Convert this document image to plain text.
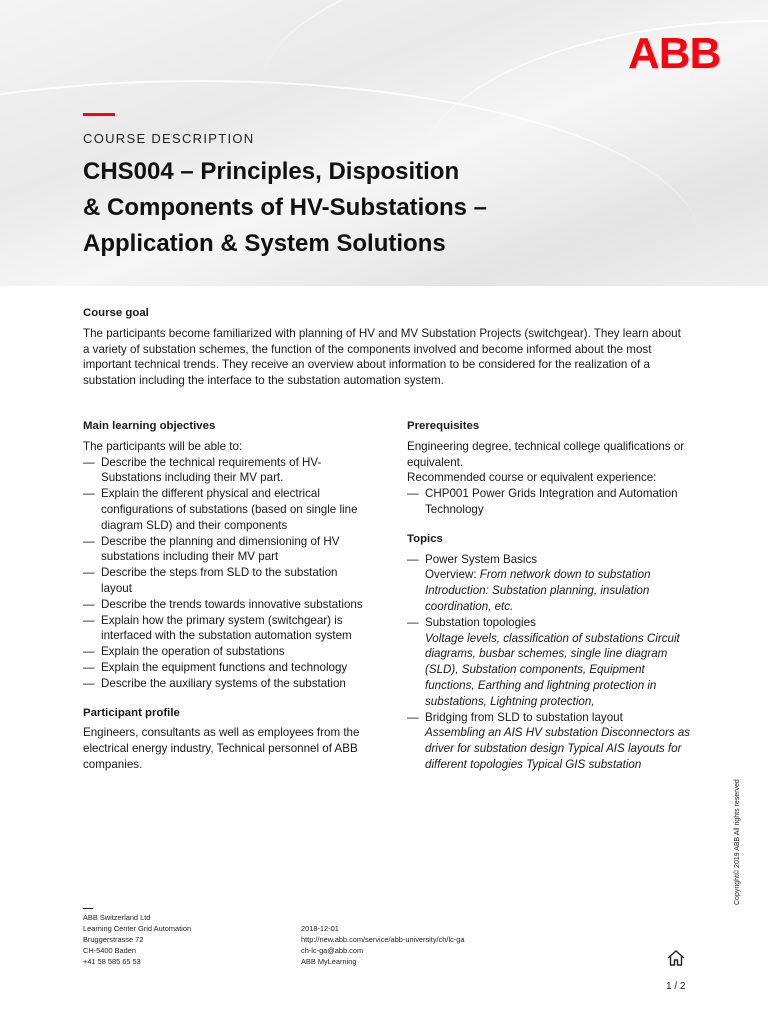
ABB
COURSE DESCRIPTION
CHS004 – Principles, Disposition
& Components of HV-Substations –
Application & System Solutions
Course goal

The participants become familiarized with planning of HV and MV Substation Projects (switchgear). They learn about a variety of substation schemes, the function of the components involved and become informed about the most important technical trends. They receive an overview about information to be considered for the realization of a substation including the interface to the substation automation system.

Main learning objectives

The participants will be able to:

— Describe the technical requirements of HV-Substations including their MV part.
— Explain the different physical and electrical configurations of substations (based on single line diagram SLD) and their components
— Describe the planning and dimensioning of HV substations including their MV part
— Describe the steps from SLD to the substation layout
— Describe the trends towards innovative substations
— Explain how the primary system (switchgear) is interfaced with the substation automation system
— Explain the operation of substations
— Explain the equipment functions and technology
— Describe the auxiliary systems of the substation
Participant profile

Engineers, consultants as well as employees from the electrical energy industry, Technical personnel of ABB companies.

Prerequisites

Engineering degree, technical college qualifications or equivalent.

Recommended course or equivalent experience:

— CHP001 Power Grids Integration and Automation Technology
Topics
— Power System Basics
Overview: From network down to substation Introduction: Substation planning, insulation coordination, etc.
— Substation topologies
Voltage levels, classification of substations Circuit diagrams, busbar schemes, single line diagram (SLD), Substation components, Equipment functions, Earthing and lightning protection in substations, Lightning protection,
— Bridging from SLD to substation layout
Assembling an AIS HV substation Disconnectors as driver for substation design Typical AIS layouts for different topologies Typical GIS substation
Copyright© 2019 ABB All rights reserved
ABB Switzerland Ltd
Learning Center Grid Automation
Bruggerstrasse 72
CH-5400 Baden
+41 58 585 65 53
2018-12-01
http://new.abb.com/service/abb-university/ch/lc-ga
ch-lc-ga@abb.com
ABB MyLearning
1 / 2
